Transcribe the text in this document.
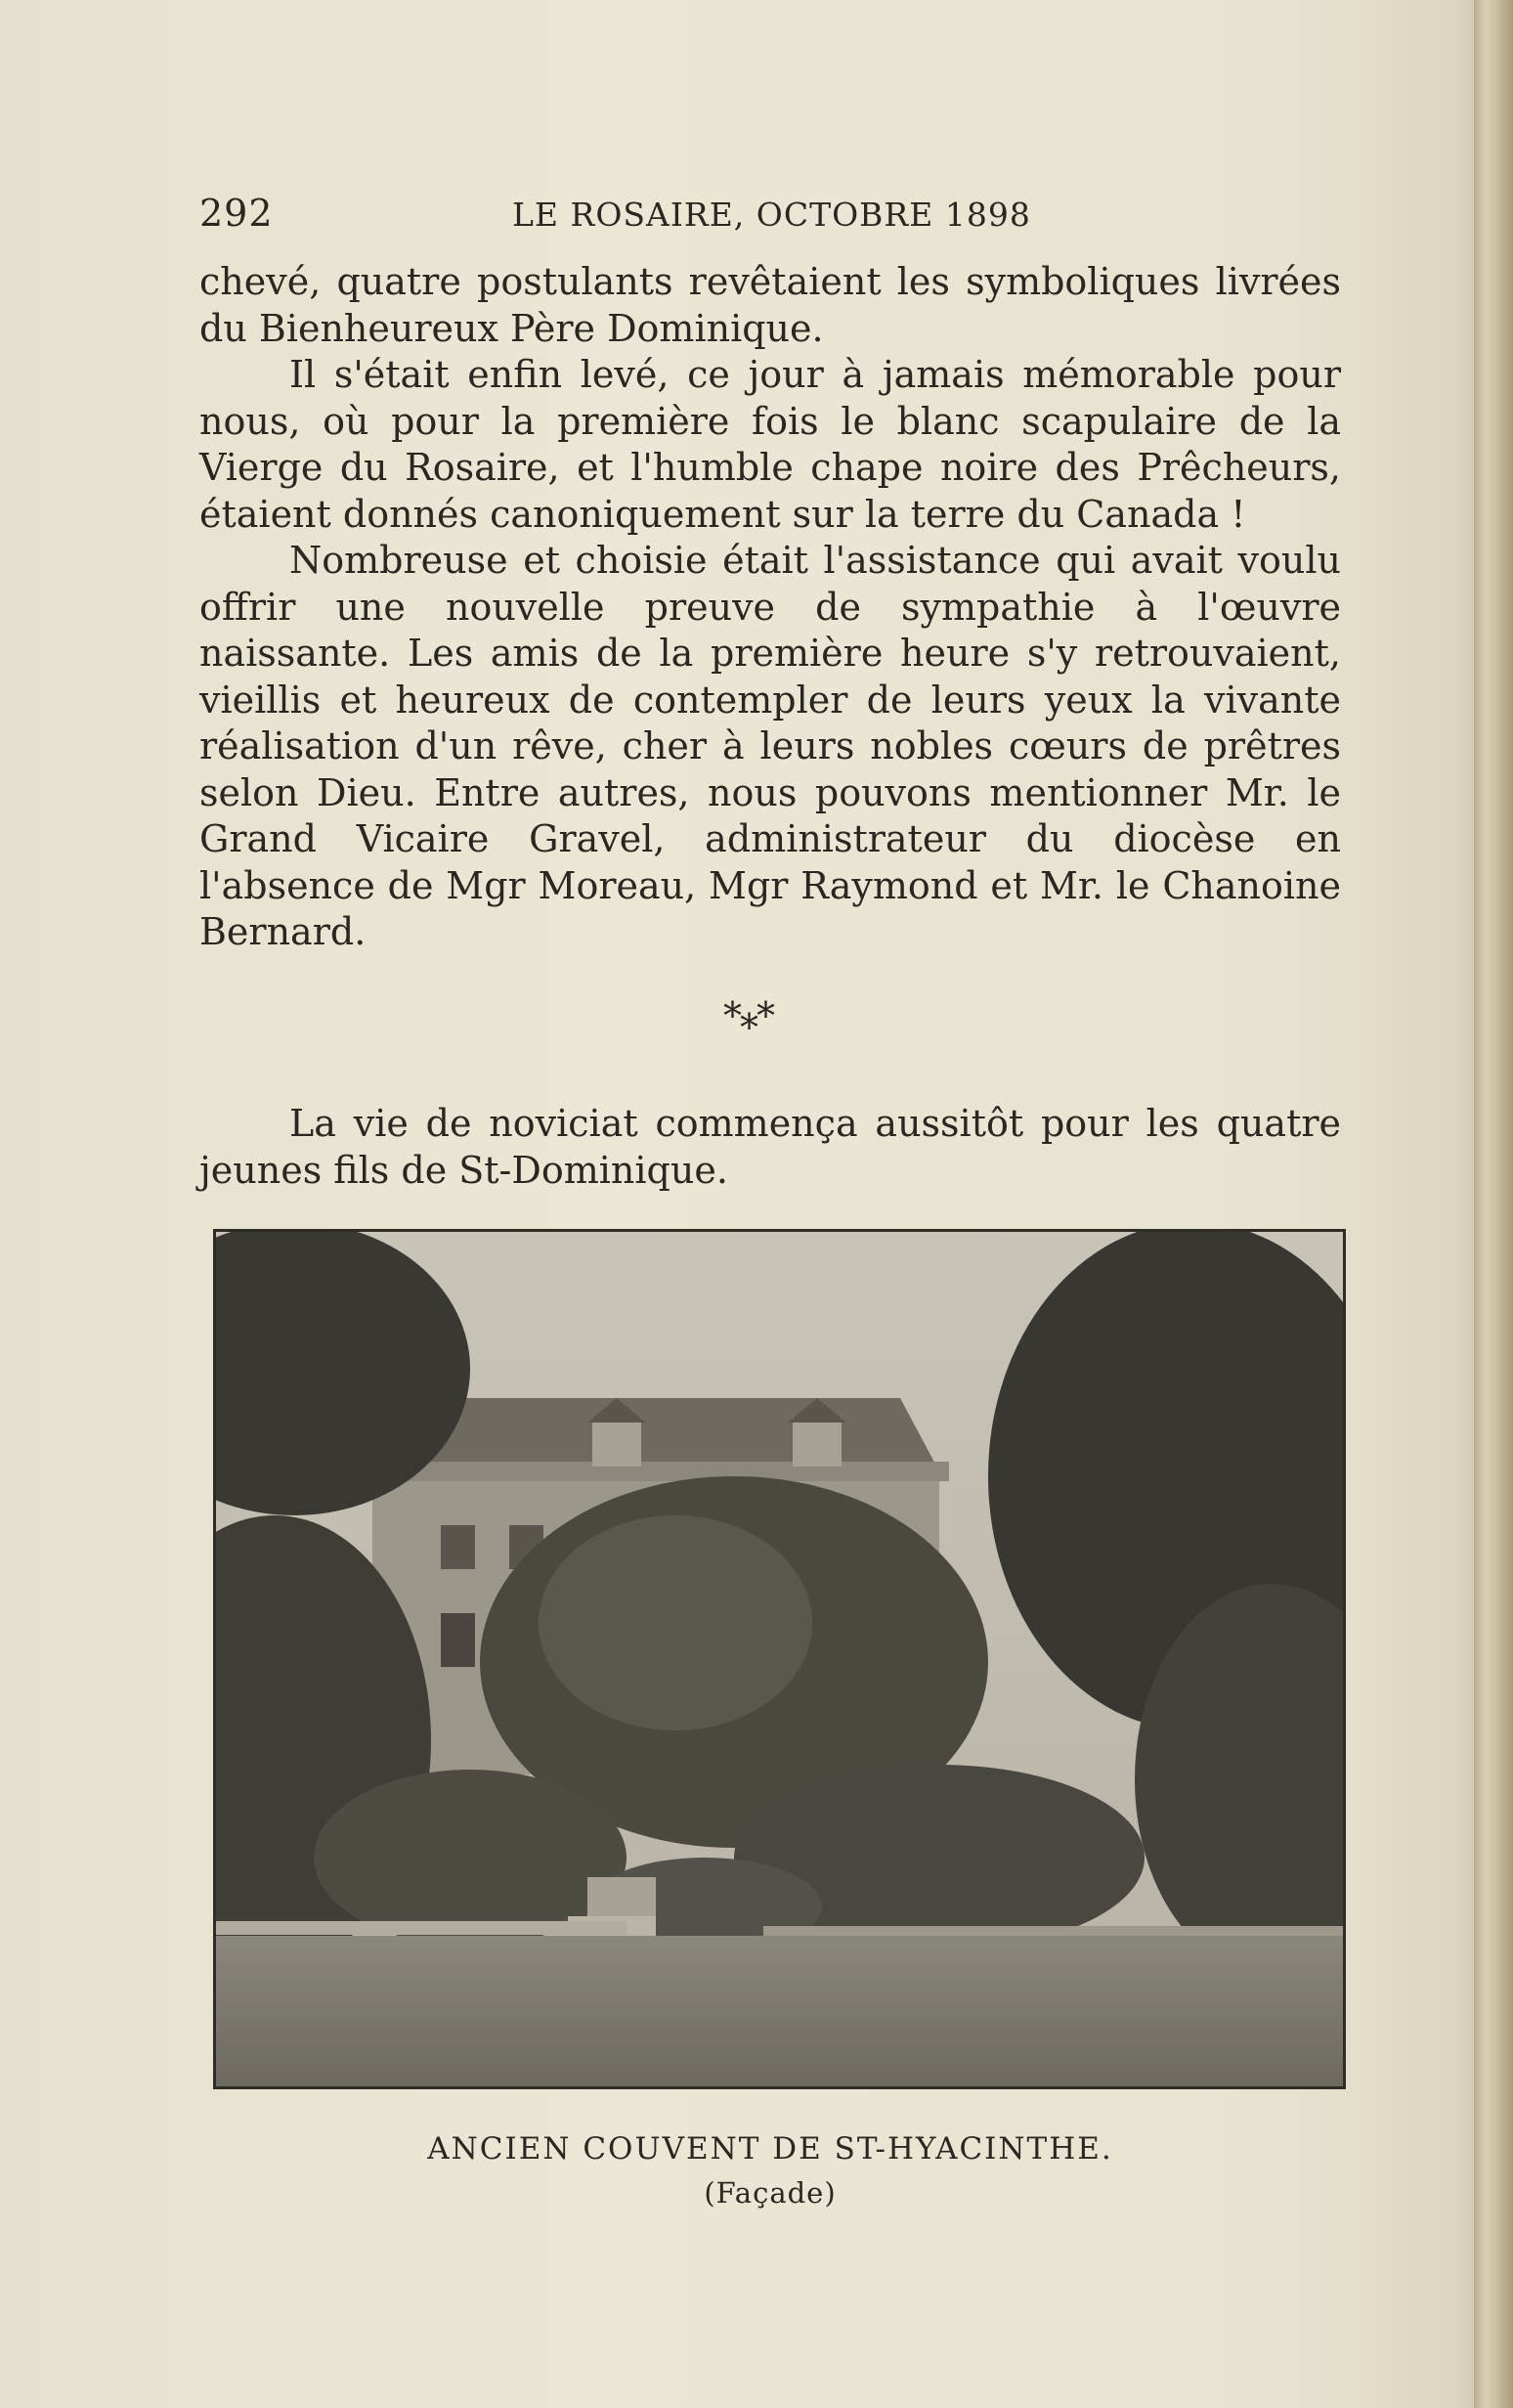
292	LE ROSAIRE, OCTOBRE 1898

chevé, quatre postulants revêtaient les symboliques livrées du Bienheureux Père Dominique.

Il s'était enfin levé, ce jour à jamais mémorable pour nous, où pour la première fois le blanc scapulaire de la Vierge du Rosaire, et l'humble chape noire des Prêcheurs, étaient donnés canoniquement sur la terre du Canada !

Nombreuse et choisie était l'assistance qui avait voulu offrir une nouvelle preuve de sympathie à l'œuvre naissante. Les amis de la première heure s'y retrouvaient, vieillis et heureux de contempler de leurs yeux la vivante réalisation d'un rêve, cher à leurs nobles cœurs de prêtres selon Dieu. Entre autres, nous pouvons mentionner Mr. le Grand Vicaire Gravel, administrateur du diocèse en l'absence de Mgr Moreau, Mgr Raymond et Mr. le Chanoine Bernard.

*⁎*

La vie de noviciat commença aussitôt pour les quatre jeunes fils de St-Dominique.

ANCIEN COUVENT DE ST-HYACINTHE.
(Façade)
